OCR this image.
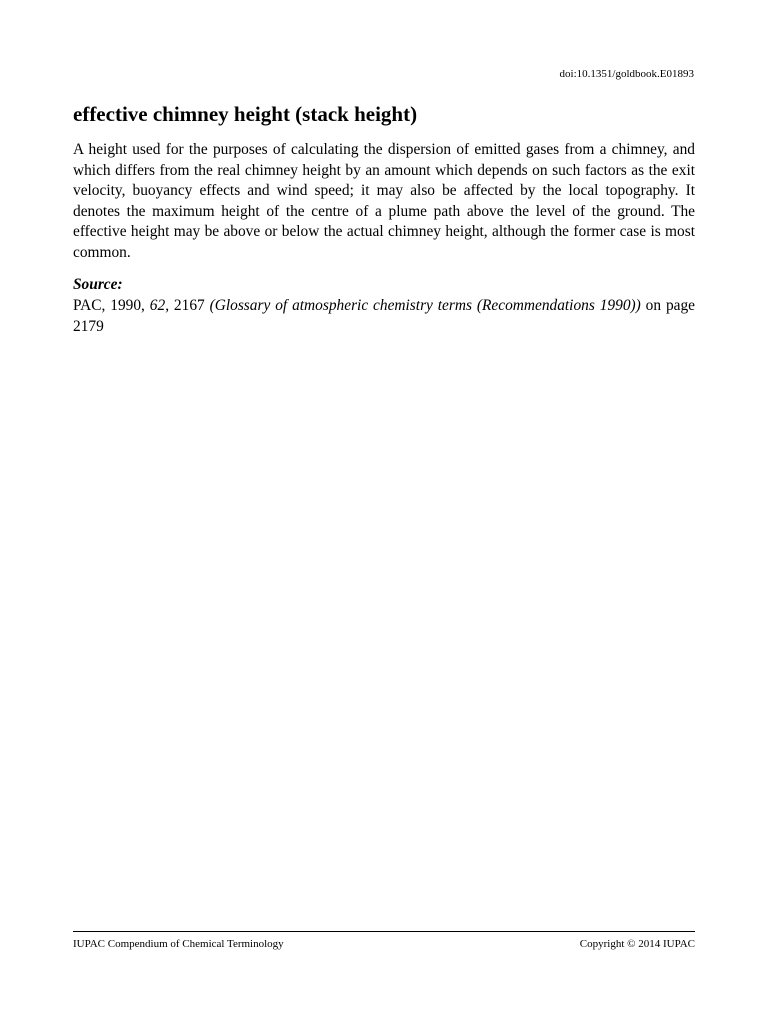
doi:10.1351/goldbook.E01893
effective chimney height (stack height)

A height used for the purposes of calculating the dispersion of emitted gases from a chimney, and which differs from the real chimney height by an amount which depends on such factors as the exit velocity, buoyancy effects and wind speed; it may also be affected by the local topography. It denotes the maximum height of the centre of a plume path above the level of the ground. The effective height may be above or below the actual chimney height, although the former case is most common.

Source:

PAC, 1990, 62, 2167 (Glossary of atmospheric chemistry terms (Recommendations 1990)) on page 2179

IUPAC Compendium of Chemical Terminology	Copyright © 2014 IUPAC
